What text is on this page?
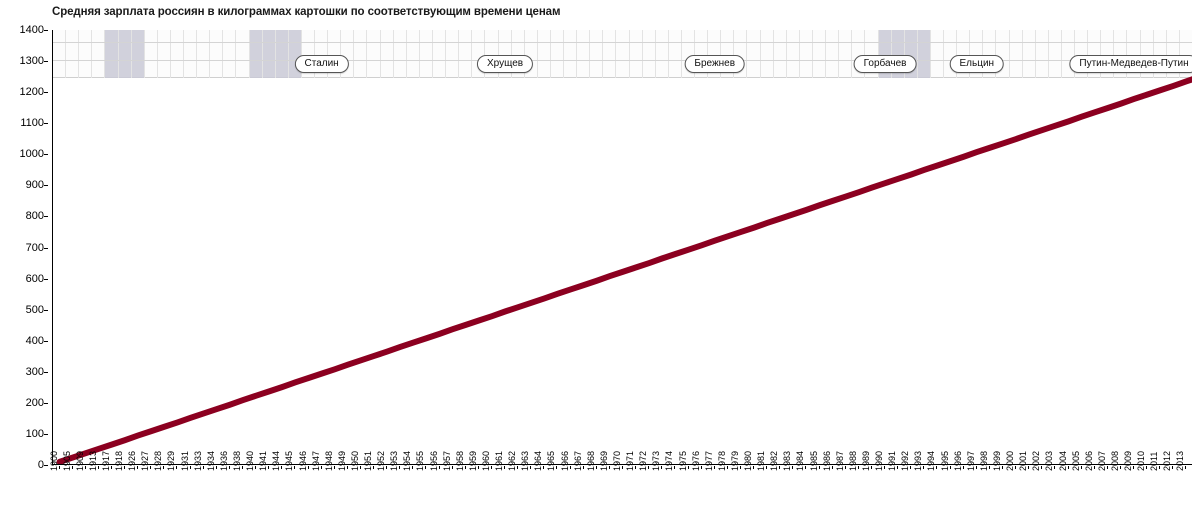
Средняя зарплата россиян в килограммах картошки по соответствующим времени ценам
0
100
200
300
400
500
600
700
800
900
1000
1100
1200
1300
1400
Сталин	Хрущев	Брежнев	Горбачев	Ельцин	Путин-Медведев-Путин
1900 1905 1909 1913 1917 1918 1926 1927 1928 1929 1931 1933 1934 1936 1938 1940 1941 1944 1945 1946 1947 1948 1949 1950 1951 1952 1953 1954 1955 1956 1957 1958 1959 1960 1961 1962 1963 1964 1965 1966 1967 1968 1969 1970 1971 1972 1973 1974 1975 1976 1977 1978 1979 1980 1981 1982 1983 1984 1985 1986 1987 1988 1989 1990 1991 1992 1993 1994 1995 1996 1997 1998 1999 2000 2001 2002 2003 2004 2005 2006 2007 2008 2009 2010 2011 2012 2013
